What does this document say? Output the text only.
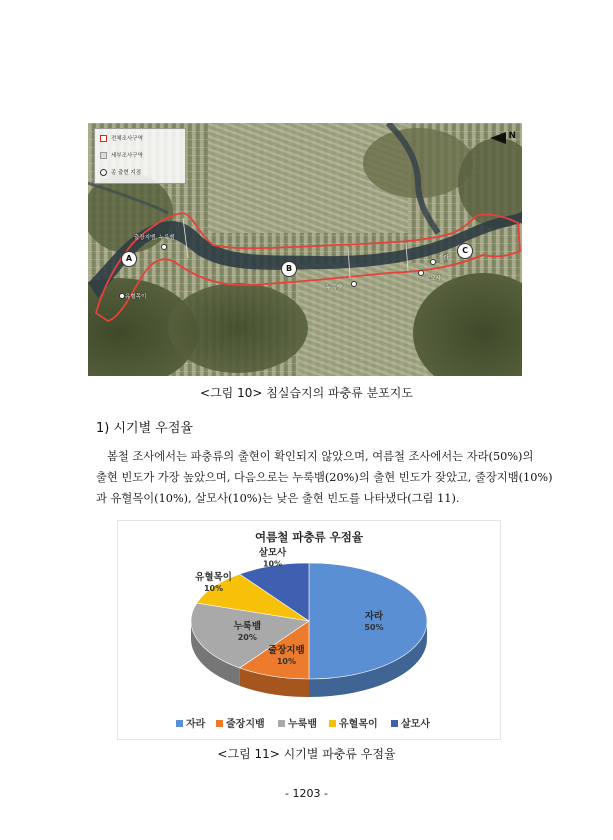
전체조사구역
세부조사구역
종 출현 지점
N
A
B
C
출장지뱀, 누룩뱀
유혈목이
누룩뱀
자라
살모사
<그림 10> 침실습지의 파충류 분포지도
1) 시기별 우점율
봄철 조사에서는 파충류의 출현이 확인되지 않았으며, 여름철 조사에서는 자라(50%)의
출현 빈도가 가장 높았으며, 다음으로는 누룩뱀(20%)의 출현 빈도가 잦았고, 줄장지뱀(10%)
과 유혈목이(10%), 살모사(10%)는 낮은 출현 빈도를 나타냈다(그림 11).
여름철 파충류 우점율
자라
50%
줄장지뱀
10%
누룩뱀
20%
유혈목이
10%
살모사
10%
자라 줄장지뱀 누룩뱀 유혈목이 살모사
<그림 11> 시기별 파충류 우점율
- 1203 -
